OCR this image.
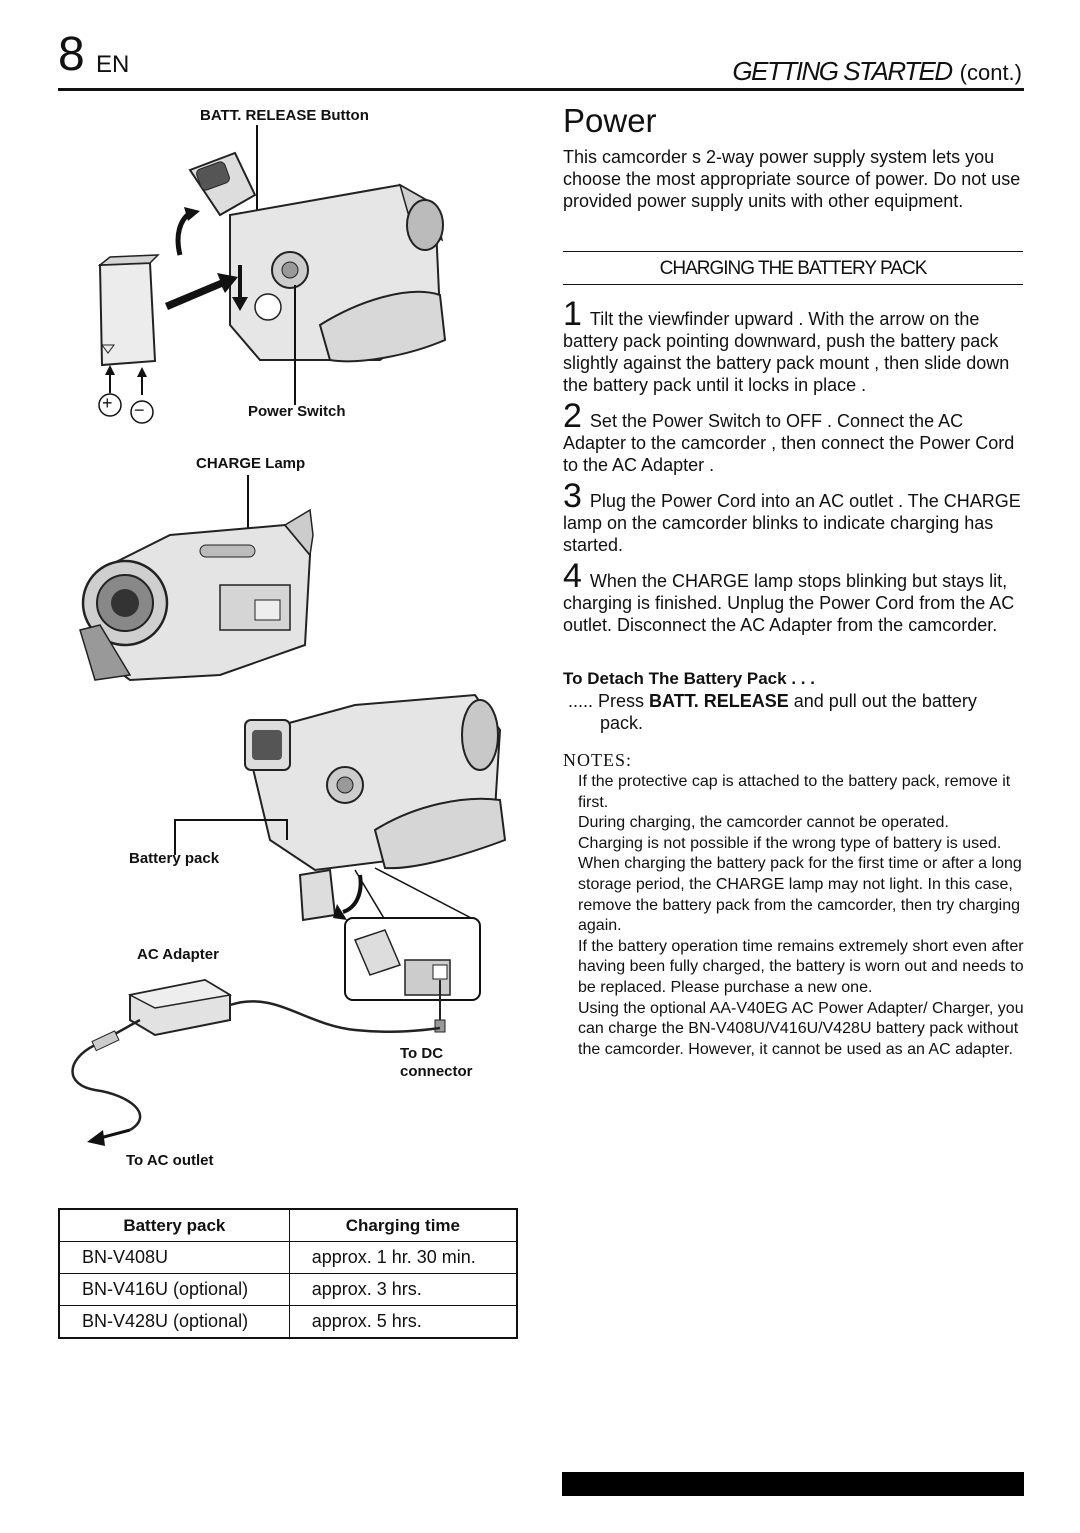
8 EN	GETTING STARTED (cont.)
BATT. RELEASE Button
+ −	Power Switch
CHARGE Lamp
Battery pack
AC Adapter
To DC
connector
To AC outlet
Battery pack	Charging time
BN-V408U	approx. 1 hr. 30 min.
BN-V416U (optional)	approx. 3 hrs.
BN-V428U (optional)	approx. 5 hrs.
Power
This camcorder s 2-way power supply system lets you choose the most appropriate source of power. Do not use provided power supply units with other equipment.
CHARGING THE BATTERY PACK
1 Tilt the viewfinder upward . With the arrow on the battery pack pointing downward, push the battery pack slightly against the battery pack mount , then slide down the battery pack until it locks in place .
2 Set the Power Switch to OFF . Connect the AC Adapter to the camcorder , then connect the Power Cord to the AC Adapter .
3 Plug the Power Cord into an AC outlet . The CHARGE lamp on the camcorder blinks to indicate charging has started.
4 When the CHARGE lamp stops blinking but stays lit, charging is finished. Unplug the Power Cord from the AC outlet. Disconnect the AC Adapter from the camcorder.
To Detach The Battery Pack . . .
..... Press BATT. RELEASE and pull out the battery
pack.
NOTES:

If the protective cap is attached to the battery pack, remove it first.

During charging, the camcorder cannot be operated.

Charging is not possible if the wrong type of battery is used.

When charging the battery pack for the first time or after a long storage period, the CHARGE lamp may not light. In this case, remove the battery pack from the camcorder, then try charging again.

If the battery operation time remains extremely short even after having been fully charged, the battery is worn out and needs to be replaced. Please purchase a new one.

Using the optional AA-V40EG AC Power Adapter/ Charger, you can charge the BN-V408U/V416U/V428U battery pack without the camcorder. However, it cannot be used as an AC adapter.
